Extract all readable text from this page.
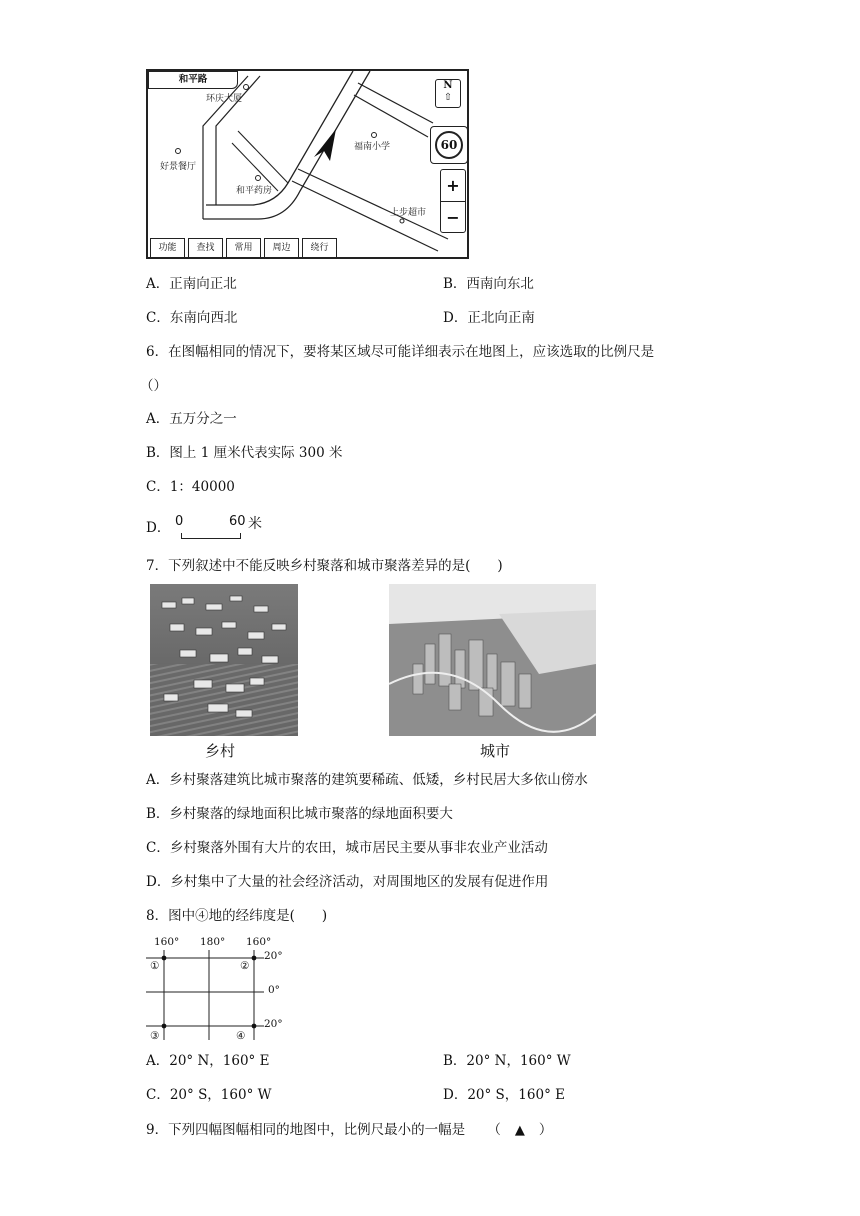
和平路
环庆大厦
福南小学
好景餐厅
和平药房
上步超市
N
⇧
60
+
−
功能	查找	常用	周边	绕行
A．正南向正北	B．西南向东北
C．东南向西北	D．正北向正南
6．在图幅相同的情况下，要将某区域尽可能详细表示在地图上，应该选取的比例尺是
（）
A．五万分之一
B．图上 1 厘米代表实际 300 米
C．1：40000
D． 0	60 米
7．下列叙述中不能反映乡村聚落和城市聚落差异的是(　　)
乡村	城市
A．乡村聚落建筑比城市聚落的建筑要稀疏、低矮，乡村民居大多依山傍水
B．乡村聚落的绿地面积比城市聚落的绿地面积要大
C．乡村聚落外围有大片的农田，城市居民主要从事非农业产业活动
D．乡村集中了大量的社会经济活动，对周围地区的发展有促进作用
8．图中④地的经纬度是(　　)
160° 180° 160°
20°
0°
20°
①	②
③	④
A．20° N，160° E	B．20° N，160° W
C．20° S，160° W	D．20° S，160° E
9．下列四幅图幅相同的地图中，比例尺最小的一幅是 （ ▲ ）
